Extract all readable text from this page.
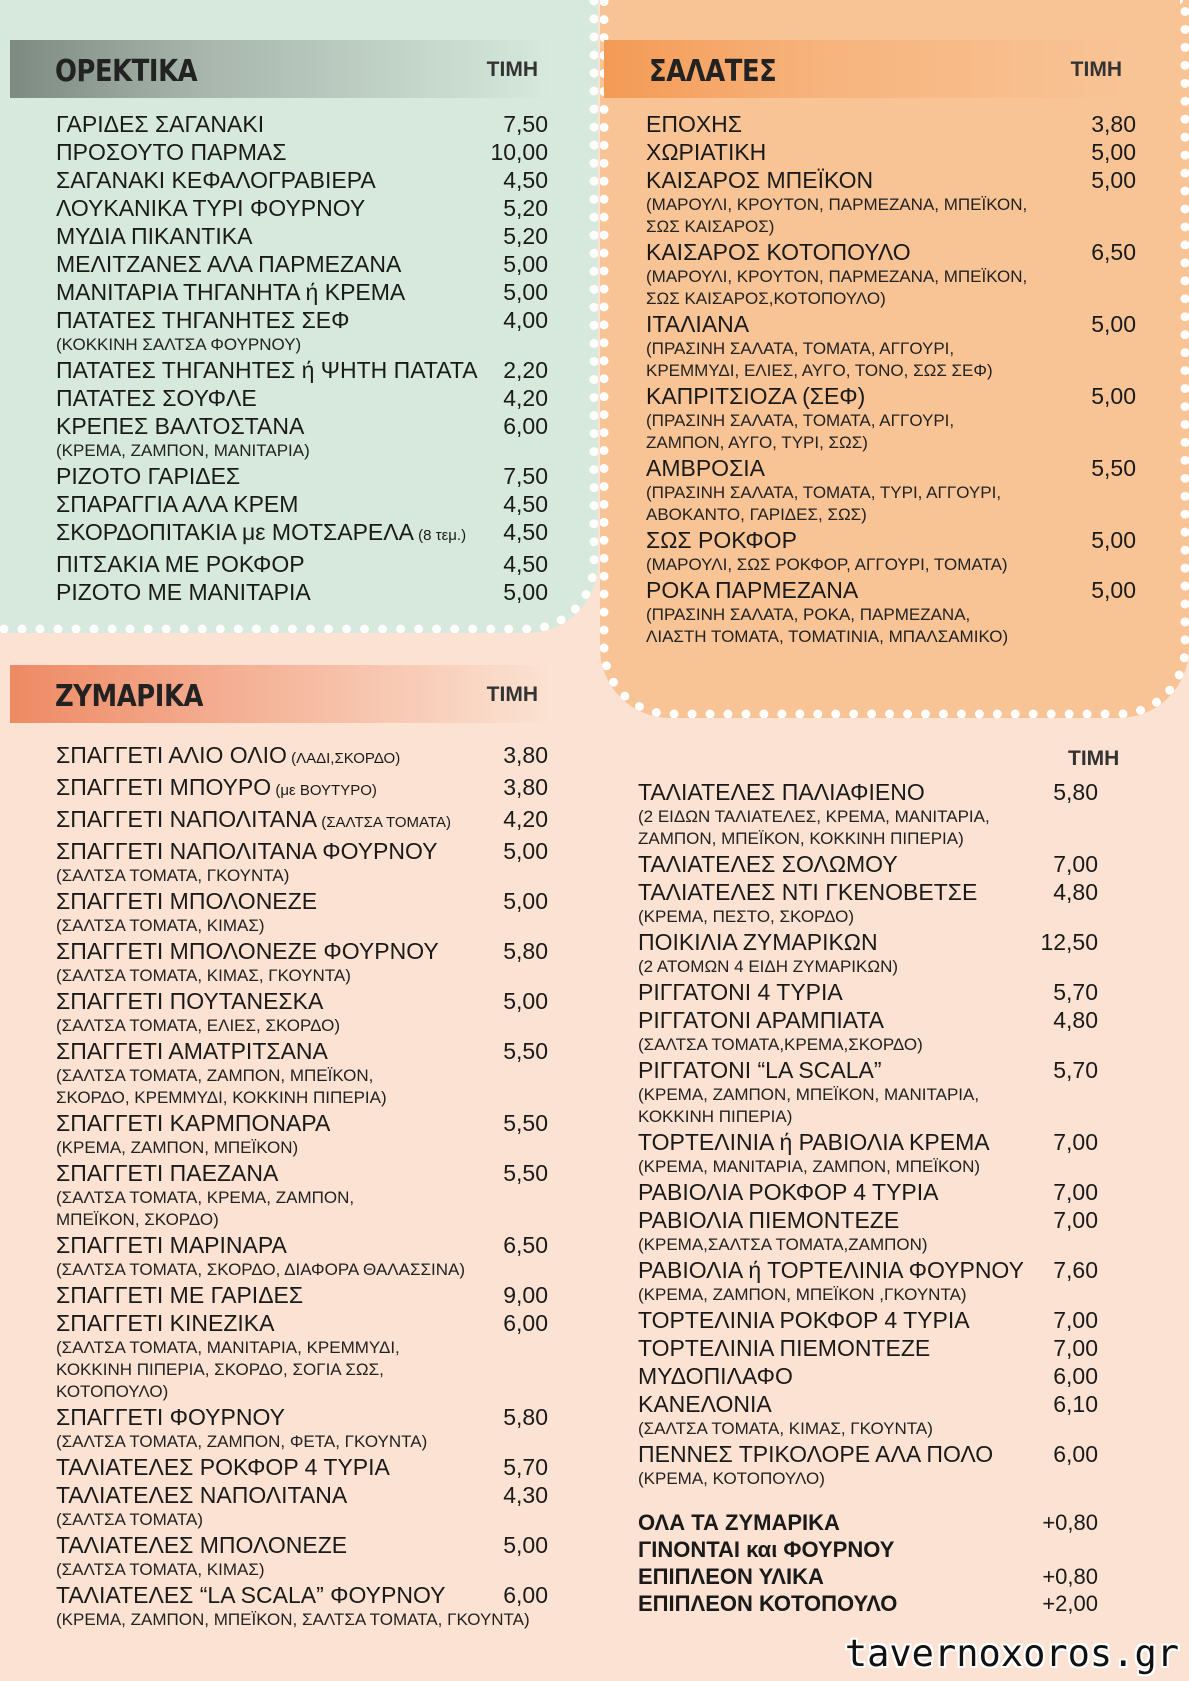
ΟΡΕΚΤΙΚΑ	ΤΙΜΗ	ΣΑΛΑΤΕΣ	ΤΙΜΗ
ΖΥΜΑΡΙΚΑ	ΤΙΜΗ
ΓΑΡΙΔΕΣ ΣΑΓΑΝΑΚΙ	7,50
ΠΡΟΣΟΥΤΟ ΠΑΡΜΑΣ	10,00
ΣΑΓΑΝΑΚΙ ΚΕΦΑΛΟΓΡΑΒΙΕΡΑ	4,50
ΛΟΥΚΑΝΙΚΑ ΤΥΡΙ ΦΟΥΡΝΟΥ	5,20
ΜΥΔΙΑ ΠΙΚΑΝΤΙΚΑ	5,20
ΜΕΛΙΤΖΑΝΕΣ ΑΛΑ ΠΑΡΜΕΖΑΝΑ	5,00
ΜΑΝΙΤΑΡΙΑ ΤΗΓΑΝΗΤΑ ή ΚΡΕΜΑ	5,00
ΠΑΤΑΤΕΣ ΤΗΓΑΝΗΤΕΣ ΣΕΦ	4,00
(ΚΟΚΚΙΝΗ ΣΑΛΤΣΑ ΦΟΥΡΝΟΥ)
ΠΑΤΑΤΕΣ ΤΗΓΑΝΗΤΕΣ ή ΨΗΤΗ ΠΑΤΑΤΑ	2,20
ΠΑΤΑΤΕΣ ΣΟΥΦΛΕ	4,20
ΚΡΕΠΕΣ ΒΑΛΤΟΣΤΑΝΑ	6,00
(ΚΡΕΜΑ, ΖΑΜΠΟΝ, ΜΑΝΙΤΑΡΙΑ)
ΡΙΖΟΤΟ ΓΑΡΙΔΕΣ	7,50
ΣΠΑΡΑΓΓΙΑ ΑΛΑ ΚΡΕΜ	4,50
ΣΚΟΡΔΟΠΙΤΑΚΙΑ με ΜΟΤΣΑΡΕΛΑ (8 τεμ.)	4,50
ΠΙΤΣΑΚΙΑ ΜΕ ΡΟΚΦΟΡ	4,50
ΡΙΖΟΤΟ ΜΕ ΜΑΝΙΤΑΡΙΑ	5,00
ΕΠΟΧΗΣ	3,80
ΧΩΡΙΑΤΙΚΗ	5,00
ΚΑΙΣΑΡΟΣ ΜΠΕΪΚΟΝ	5,00
(ΜΑΡΟΥΛΙ, ΚΡΟΥΤΟΝ, ΠΑΡΜΕΖΑΝΑ, ΜΠΕΪΚΟΝ,
ΣΩΣ ΚΑΙΣΑΡΟΣ)
ΚΑΙΣΑΡΟΣ ΚΟΤΟΠΟΥΛΟ	6,50
(ΜΑΡΟΥΛΙ, ΚΡΟΥΤΟΝ, ΠΑΡΜΕΖΑΝΑ, ΜΠΕΪΚΟΝ,
ΣΩΣ ΚΑΙΣΑΡΟΣ,ΚΟΤΟΠΟΥΛΟ)
ΙΤΑΛΙΑΝΑ	5,00
(ΠΡΑΣΙΝΗ ΣΑΛΑΤΑ, ΤΟΜΑΤΑ, ΑΓΓΟΥΡΙ,
ΚΡΕΜΜΥΔΙ, ΕΛΙΕΣ, ΑΥΓΟ, ΤΟΝΟ, ΣΩΣ ΣΕΦ)
ΚΑΠΡΙΤΣΙΟΖΑ (ΣΕΦ)	5,00
(ΠΡΑΣΙΝΗ ΣΑΛΑΤΑ, ΤΟΜΑΤΑ, ΑΓΓΟΥΡΙ,
ΖΑΜΠΟΝ, ΑΥΓΟ, ΤΥΡΙ, ΣΩΣ)
ΑΜΒΡΟΣΙΑ	5,50
(ΠΡΑΣΙΝΗ ΣΑΛΑΤΑ, ΤΟΜΑΤΑ, ΤΥΡΙ, ΑΓΓΟΥΡΙ,
ΑΒΟΚΑΝΤΟ, ΓΑΡΙΔΕΣ, ΣΩΣ)
ΣΩΣ ΡΟΚΦΟΡ	5,00
(ΜΑΡΟΥΛΙ, ΣΩΣ ΡΟΚΦΟΡ, ΑΓΓΟΥΡΙ, ΤΟΜΑΤΑ)
ΡΟΚΑ ΠΑΡΜΕΖΑΝΑ	5,00
(ΠΡΑΣΙΝΗ ΣΑΛΑΤΑ, ΡΟΚΑ, ΠΑΡΜΕΖΑΝΑ,
ΛΙΑΣΤΗ ΤΟΜΑΤΑ, ΤΟΜΑΤΙΝΙΑ, ΜΠΑΛΣΑΜΙΚΟ)
ΣΠΑΓΓΕΤΙ ΑΛΙΟ ΟΛΙΟ (ΛΑΔΙ,ΣΚΟΡΔΟ)	3,80
ΣΠΑΓΓΕΤΙ ΜΠΟΥΡΟ (με ΒΟΥΤΥΡΟ)	3,80
ΣΠΑΓΓΕΤΙ ΝΑΠΟΛΙΤΑΝΑ (ΣΑΛΤΣΑ ΤΟΜΑΤΑ)	4,20
ΣΠΑΓΓΕΤΙ ΝΑΠΟΛΙΤΑΝΑ ΦΟΥΡΝΟΥ	5,00
(ΣΑΛΤΣΑ ΤΟΜΑΤΑ, ΓΚΟΥΝΤΑ)
ΣΠΑΓΓΕΤΙ ΜΠΟΛΟΝΕΖΕ	5,00
(ΣΑΛΤΣΑ ΤΟΜΑΤΑ, ΚΙΜΑΣ)
ΣΠΑΓΓΕΤΙ ΜΠΟΛΟΝΕΖΕ ΦΟΥΡΝΟΥ	5,80
(ΣΑΛΤΣΑ ΤΟΜΑΤΑ, ΚΙΜΑΣ, ΓΚΟΥΝΤΑ)
ΣΠΑΓΓΕΤΙ ΠΟΥΤΑΝΕΣΚΑ	5,00
(ΣΑΛΤΣΑ ΤΟΜΑΤΑ, ΕΛΙΕΣ, ΣΚΟΡΔΟ)
ΣΠΑΓΓΕΤΙ ΑΜΑΤΡΙΤΣΑΝΑ	5,50
(ΣΑΛΤΣΑ ΤΟΜΑΤΑ, ΖΑΜΠΟΝ, ΜΠΕΪΚΟΝ,
ΣΚΟΡΔΟ, ΚΡΕΜΜΥΔΙ, ΚΟΚΚΙΝΗ ΠΙΠΕΡΙΑ)
ΣΠΑΓΓΕΤΙ ΚΑΡΜΠΟΝΑΡΑ	5,50
(ΚΡΕΜΑ, ΖΑΜΠΟΝ, ΜΠΕΪΚΟΝ)
ΣΠΑΓΓΕΤΙ ΠΑΕΖΑΝΑ	5,50
(ΣΑΛΤΣΑ ΤΟΜΑΤΑ, ΚΡΕΜΑ, ΖΑΜΠΟΝ,
ΜΠΕΪΚΟΝ, ΣΚΟΡΔΟ)
ΣΠΑΓΓΕΤΙ ΜΑΡΙΝΑΡΑ	6,50
(ΣΑΛΤΣΑ ΤΟΜΑΤΑ, ΣΚΟΡΔΟ, ΔΙΑΦΟΡΑ ΘΑΛΑΣΣΙΝΑ)
ΣΠΑΓΓΕΤΙ ΜΕ ΓΑΡΙΔΕΣ	9,00
ΣΠΑΓΓΕΤΙ ΚΙΝΕΖΙΚΑ	6,00
(ΣΑΛΤΣΑ ΤΟΜΑΤΑ, ΜΑΝΙΤΑΡΙΑ, ΚΡΕΜΜΥΔΙ,
ΚΟΚΚΙΝΗ ΠΙΠΕΡΙΑ, ΣΚΟΡΔΟ, ΣΟΓΙΑ ΣΩΣ,
ΚΟΤΟΠΟΥΛΟ)
ΣΠΑΓΓΕΤΙ ΦΟΥΡΝΟΥ	5,80
(ΣΑΛΤΣΑ ΤΟΜΑΤΑ, ΖΑΜΠΟΝ, ΦΕΤΑ, ΓΚΟΥΝΤΑ)
ΤΑΛΙΑΤΕΛΕΣ ΡΟΚΦΟΡ 4 ΤΥΡΙΑ	5,70
ΤΑΛΙΑΤΕΛΕΣ ΝΑΠΟΛΙΤΑΝΑ	4,30
(ΣΑΛΤΣΑ ΤΟΜΑΤΑ)
ΤΑΛΙΑΤΕΛΕΣ ΜΠΟΛΟΝΕΖΕ	5,00
(ΣΑΛΤΣΑ ΤΟΜΑΤΑ, ΚΙΜΑΣ)
ΤΑΛΙΑΤΕΛΕΣ “LA SCALA” ΦΟΥΡΝΟΥ	6,00
(ΚΡΕΜΑ, ΖΑΜΠΟΝ, ΜΠΕΪΚΟΝ, ΣΑΛΤΣΑ ΤΟΜΑΤΑ, ΓΚΟΥΝΤΑ)
ΤΙΜΗ
ΤΑΛΙΑΤΕΛΕΣ ΠΑΛΙΑΦΙΕΝΟ	5,80
(2 ΕΙΔΩΝ ΤΑΛΙΑΤΕΛΕΣ, ΚΡΕΜΑ, ΜΑΝΙΤΑΡΙΑ,
ΖΑΜΠΟΝ, ΜΠΕΪΚΟΝ, ΚΟΚΚΙΝΗ ΠΙΠΕΡΙΑ)
ΤΑΛΙΑΤΕΛΕΣ ΣΟΛΩΜΟΥ	7,00
ΤΑΛΙΑΤΕΛΕΣ ΝΤΙ ΓΚΕΝΟΒΕΤΣΕ	4,80
(ΚΡΕΜΑ, ΠΕΣΤΟ, ΣΚΟΡΔΟ)
ΠΟΙΚΙΛΙΑ ΖΥΜΑΡΙΚΩΝ	12,50
(2 ΑΤΟΜΩΝ 4 ΕΙΔΗ ΖΥΜΑΡΙΚΩΝ)
ΡΙΓΓΑΤΟΝΙ 4 ΤΥΡΙΑ	5,70
ΡΙΓΓΑΤΟΝΙ ΑΡΑΜΠΙΑΤΑ	4,80
(ΣΑΛΤΣΑ ΤΟΜΑΤΑ,ΚΡΕΜΑ,ΣΚΟΡΔΟ)
ΡΙΓΓΑΤΟΝΙ “LA SCALA”	5,70
(ΚΡΕΜΑ, ΖΑΜΠΟΝ, ΜΠΕΪΚΟΝ, ΜΑΝΙΤΑΡΙΑ,
ΚΟΚΚΙΝΗ ΠΙΠΕΡΙΑ)
ΤΟΡΤΕΛΙΝΙΑ ή ΡΑΒΙΟΛΙΑ ΚΡΕΜΑ	7,00
(ΚΡΕΜΑ, ΜΑΝΙΤΑΡΙΑ, ΖΑΜΠΟΝ, ΜΠΕΪΚΟΝ)
ΡΑΒΙΟΛΙΑ ΡΟΚΦΟΡ 4 ΤΥΡΙΑ	7,00
ΡΑΒΙΟΛΙΑ ΠΙΕΜΟΝΤΕΖΕ	7,00
(ΚΡΕΜΑ,ΣΑΛΤΣΑ ΤΟΜΑΤΑ,ΖΑΜΠΟΝ)
ΡΑΒΙΟΛΙΑ ή ΤΟΡΤΕΛΙΝΙΑ ΦΟΥΡΝΟΥ	7,60
(ΚΡΕΜΑ, ΖΑΜΠΟΝ, ΜΠΕΪΚΟΝ ,ΓΚΟΥΝΤΑ)
ΤΟΡΤΕΛΙΝΙΑ ΡΟΚΦΟΡ 4 ΤΥΡΙΑ	7,00
ΤΟΡΤΕΛΙΝΙΑ ΠΙΕΜΟΝΤΕΖΕ	7,00
ΜΥΔΟΠΙΛΑΦΟ	6,00
ΚΑΝΕΛΟΝΙΑ	6,10
(ΣΑΛΤΣΑ ΤΟΜΑΤΑ, ΚΙΜΑΣ, ΓΚΟΥΝΤΑ)
ΠΕΝΝΕΣ ΤΡΙΚΟΛΟΡΕ ΑΛΑ ΠΟΛΟ	6,00
(ΚΡΕΜΑ, ΚΟΤΟΠΟΥΛΟ)
ΟΛΑ ΤΑ ΖΥΜΑΡΙΚΑ	+0,80
ΓΙΝΟΝΤΑΙ και ΦΟΥΡΝΟΥ
ΕΠΙΠΛΕΟΝ ΥΛΙΚΑ	+0,80
ΕΠΙΠΛΕΟΝ ΚΟΤΟΠΟΥΛΟ	+2,00
tavernoxoros.gr
